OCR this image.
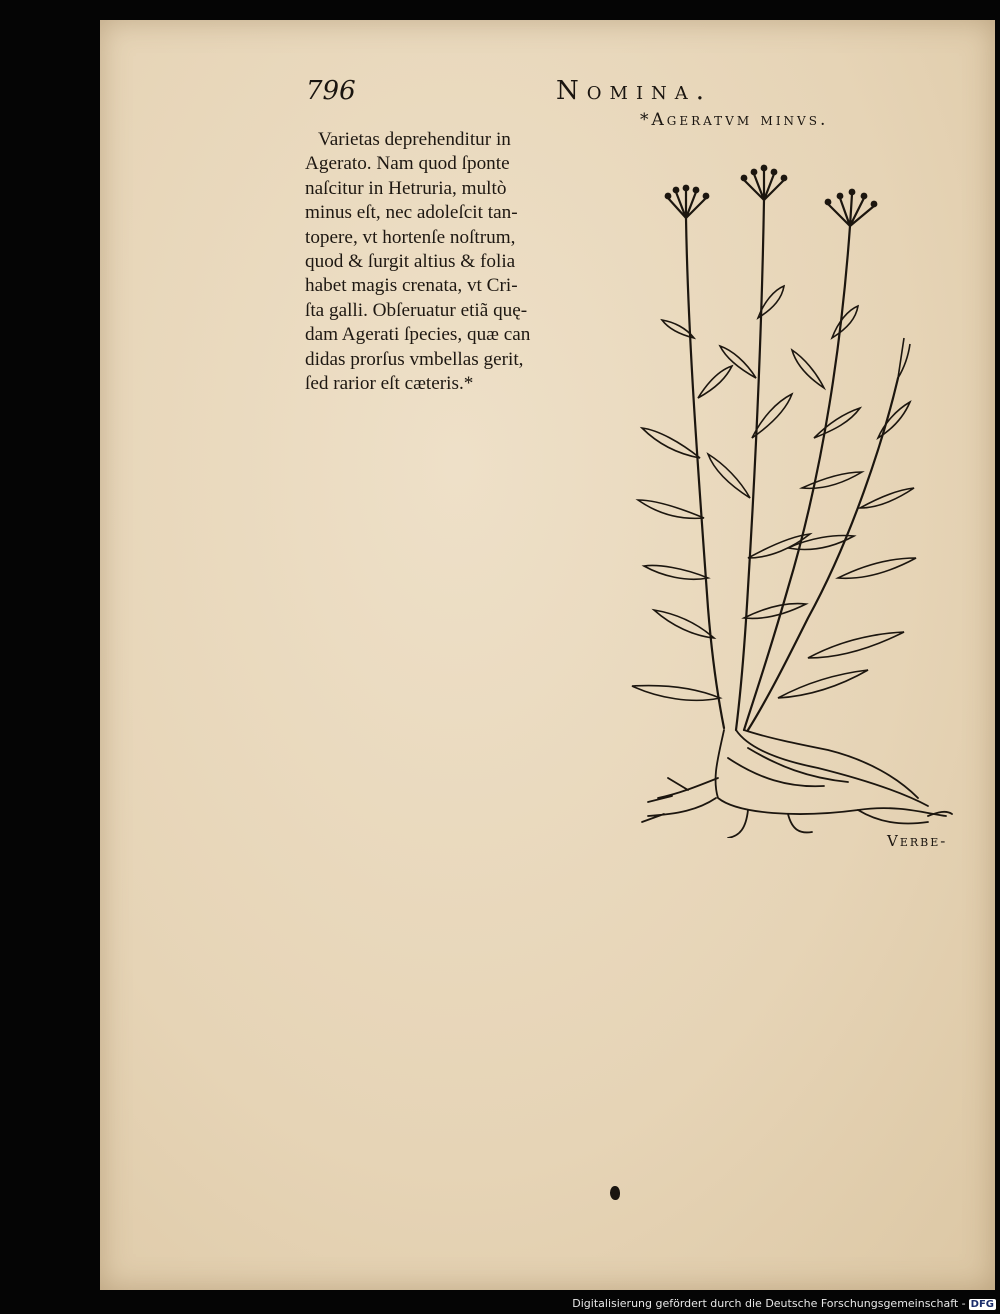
796	Nomina.
*Ageratvm minvs.
Varietas deprehenditur in
Agerato. Nam quod ſponte
naſcitur in Hetruria, multò
minus eſt, nec adoleſcit tan-
topere, vt hortenſe noſtrum,
quod & ſurgit altius & folia
habet magis crenata, vt Cri-
ſta galli. Obſeruatur etiã quę-
dam Agerati ſpecies, quæ can
didas prorſus vmbellas gerit,
ſed rarior eſt cæteris.*
Verbe-
Digitalisierung gefördert durch die Deutsche Forschungsgemeinschaft - DFG
